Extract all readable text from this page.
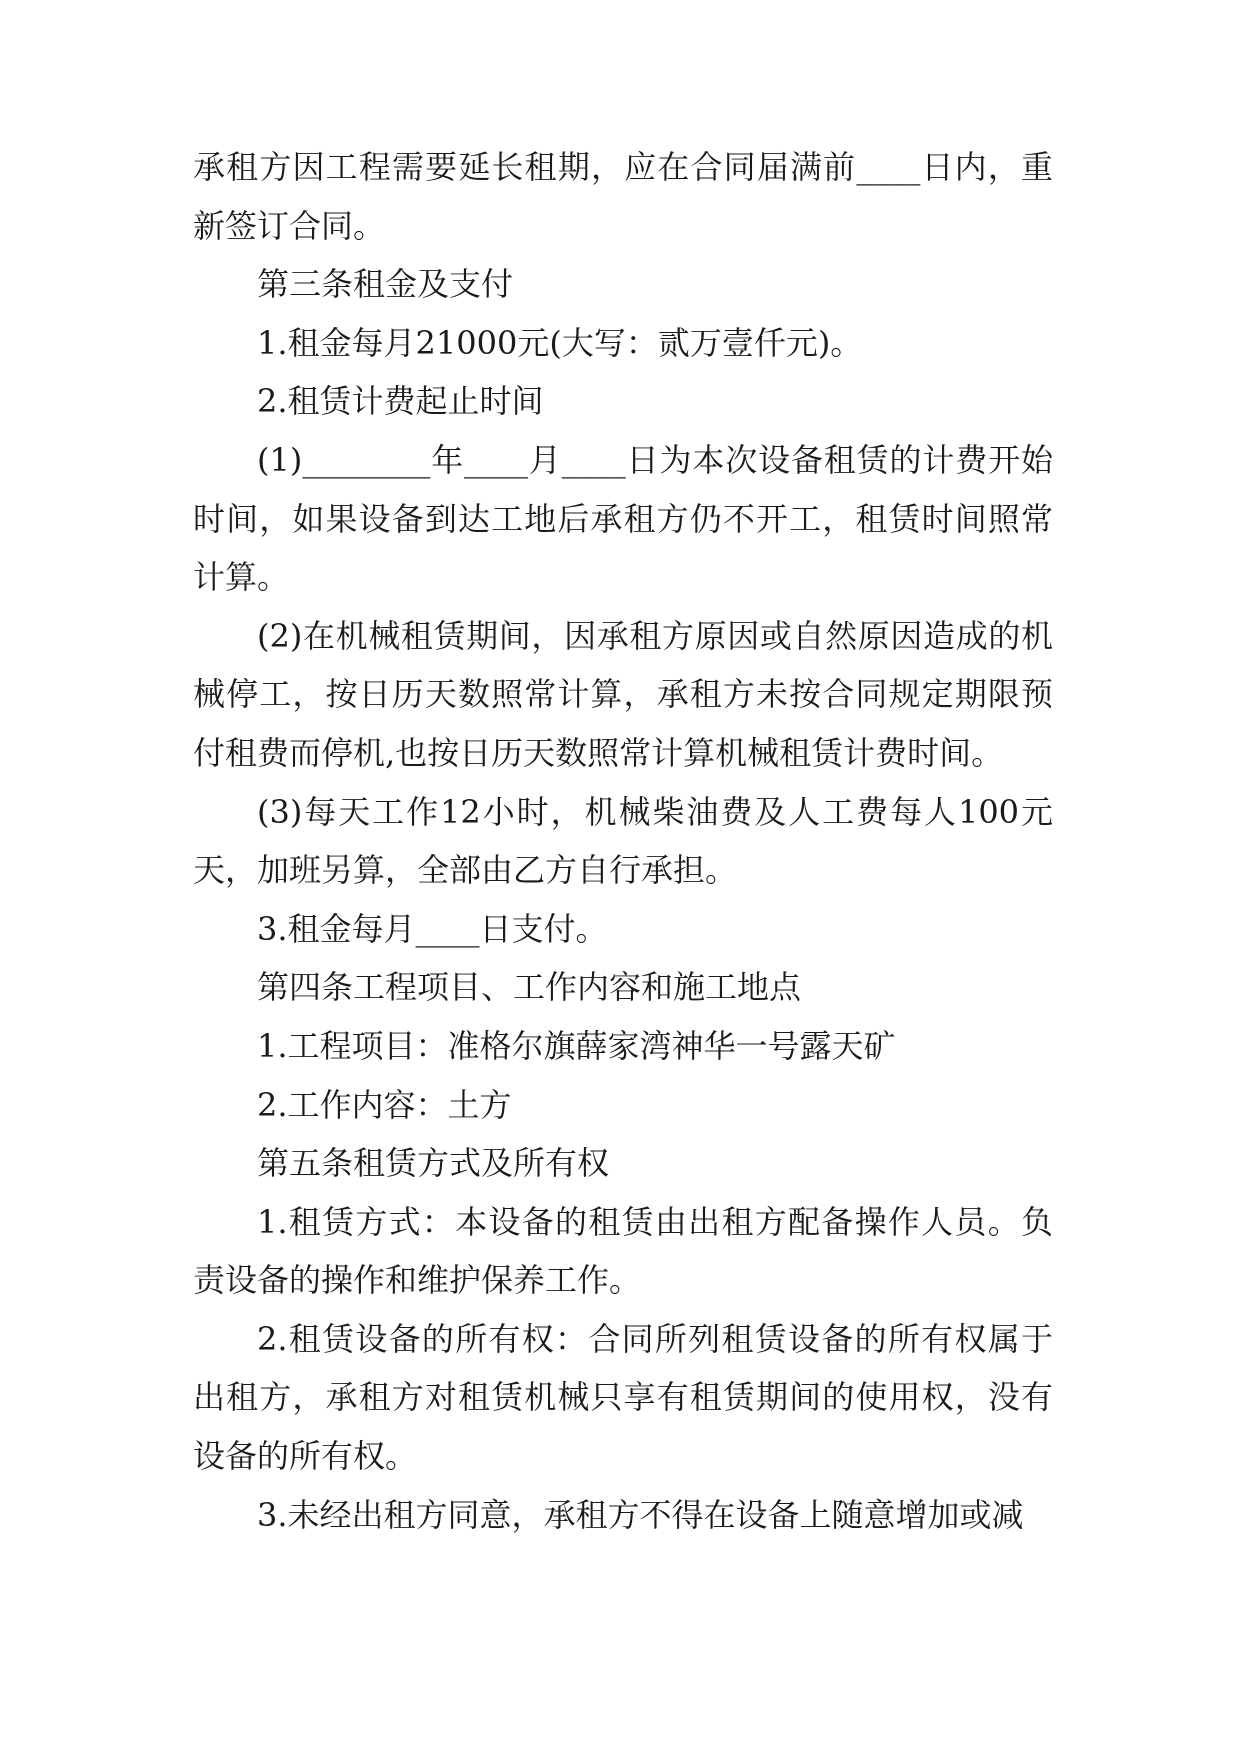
承租方因工程需要延长租期，应在合同届满前____日内，重新签订合同。

第三条租金及支付

1.租金每月21000元(大写：贰万壹仟元)。

2.租赁计费起止时间

(1)________年____月____日为本次设备租赁的计费开始时间，如果设备到达工地后承租方仍不开工，租赁时间照常计算。

(2)在机械租赁期间，因承租方原因或自然原因造成的机械停工，按日历天数照常计算，承租方未按合同规定期限预付租费而停机,也按日历天数照常计算机械租赁计费时间。

(3)每天工作12小时，机械柴油费及人工费每人100元天，加班另算，全部由乙方自行承担。

3.租金每月____日支付。

第四条工程项目、工作内容和施工地点

1.工程项目：准格尔旗薛家湾神华一号露天矿

2.工作内容：土方

第五条租赁方式及所有权

1.租赁方式：本设备的租赁由出租方配备操作人员。负责设备的操作和维护保养工作。

2.租赁设备的所有权：合同所列租赁设备的所有权属于出租方，承租方对租赁机械只享有租赁期间的使用权，没有设备的所有权。

3.未经出租方同意，承租方不得在设备上随意增加或减
